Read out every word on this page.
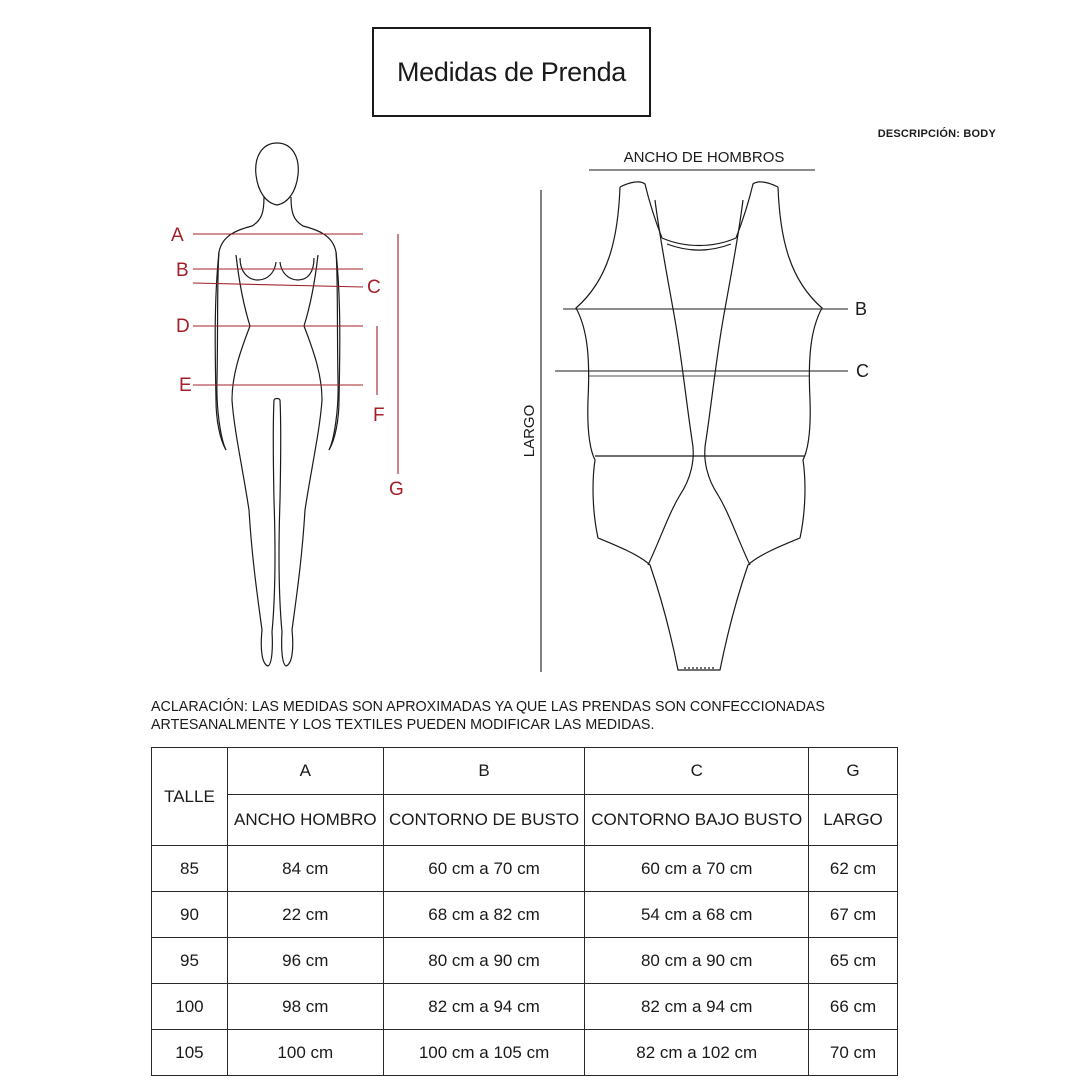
Medidas de Prenda
DESCRIPCIÓN: BODY
A
B
C
D
E
F
G
ANCHO DE HOMBROS
LARGO
B
C
ACLARACIÓN: LAS MEDIDAS SON APROXIMADAS YA QUE LAS PRENDAS SON CONFECCIONADAS ARTESANALMENTE Y LOS TEXTILES PUEDEN MODIFICAR LAS MEDIDAS.
TALLE	A	B	C	G
	ANCHO HOMBRO	CONTORNO DE BUSTO	CONTORNO BAJO BUSTO	LARGO
85	84 cm	60 cm a 70 cm	60 cm a 70 cm	62 cm
90	22 cm	68 cm a 82 cm	54 cm a 68 cm	67 cm
95	96 cm	80 cm a 90 cm	80 cm a 90 cm	65 cm
100	98 cm	82 cm a 94 cm	82 cm a 94 cm	66 cm
105	100 cm	100 cm a 105 cm	82 cm a 102 cm	70 cm
